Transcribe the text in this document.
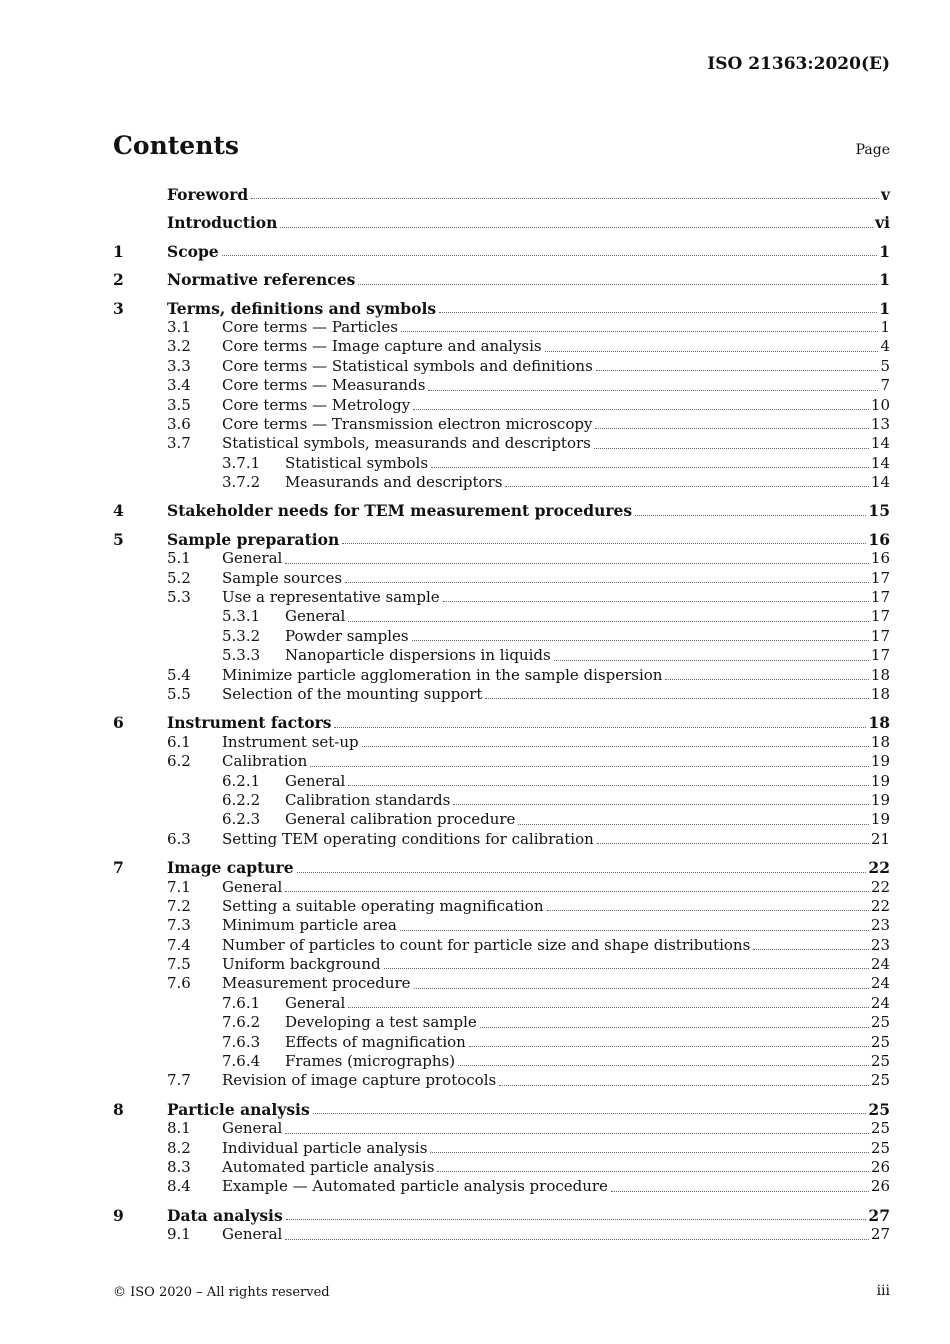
ISO 21363:2020(E)
Contents	Page
Foreword	v
Introduction	vi
1	Scope	1
2	Normative references	1
3	Terms, definitions and symbols	1
3.1	Core terms — Particles	1
3.2	Core terms — Image capture and analysis	4
3.3	Core terms — Statistical symbols and definitions	5
3.4	Core terms — Measurands	7
3.5	Core terms — Metrology	10
3.6	Core terms — Transmission electron microscopy	13
3.7	Statistical symbols, measurands and descriptors	14
3.7.1	Statistical symbols	14
3.7.2	Measurands and descriptors	14
4	Stakeholder needs for TEM measurement procedures	15
5	Sample preparation	16
5.1	General	16
5.2	Sample sources	17
5.3	Use a representative sample	17
5.3.1	General	17
5.3.2	Powder samples	17
5.3.3	Nanoparticle dispersions in liquids	17
5.4	Minimize particle agglomeration in the sample dispersion	18
5.5	Selection of the mounting support	18
6	Instrument factors	18
6.1	Instrument set-up	18
6.2	Calibration	19
6.2.1	General	19
6.2.2	Calibration standards	19
6.2.3	General calibration procedure	19
6.3	Setting TEM operating conditions for calibration	21
7	Image capture	22
7.1	General	22
7.2	Setting a suitable operating magnification	22
7.3	Minimum particle area	23
7.4	Number of particles to count for particle size and shape distributions	23
7.5	Uniform background	24
7.6	Measurement procedure	24
7.6.1	General	24
7.6.2	Developing a test sample	25
7.6.3	Effects of magnification	25
7.6.4	Frames (micrographs)	25
7.7	Revision of image capture protocols	25
8	Particle analysis	25
8.1	General	25
8.2	Individual particle analysis	25
8.3	Automated particle analysis	26
8.4	Example — Automated particle analysis procedure	26
9	Data analysis	27
9.1	General	27
© ISO 2020 – All rights reserved	iii
